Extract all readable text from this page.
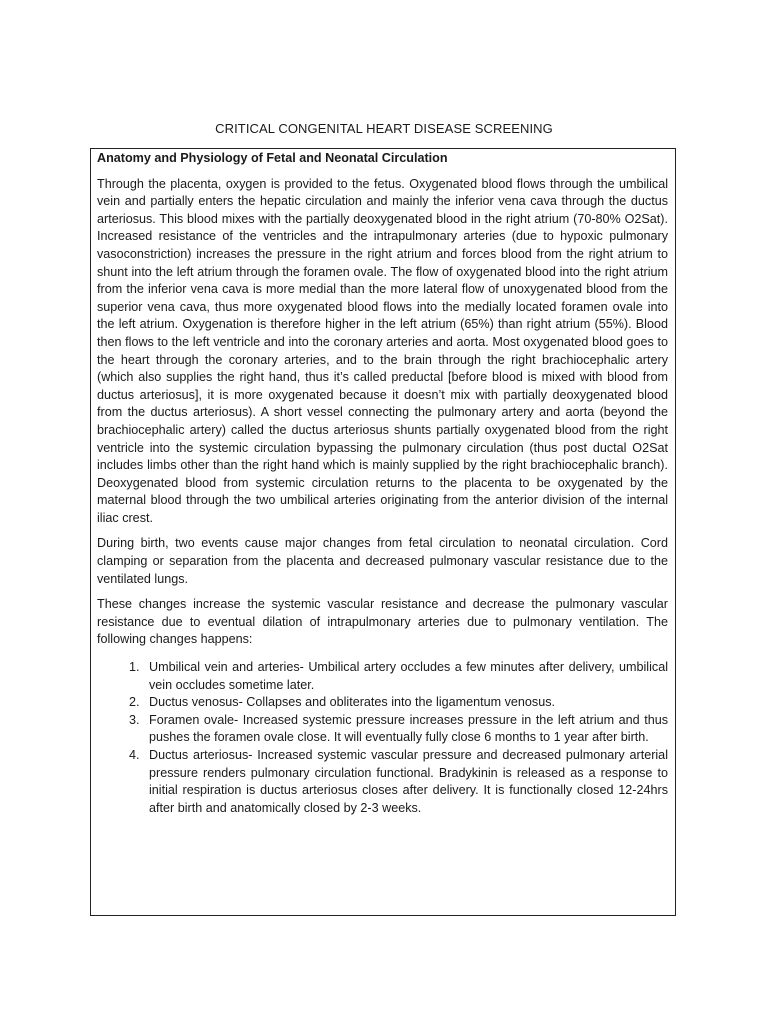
CRITICAL CONGENITAL HEART DISEASE SCREENING
Anatomy and Physiology of Fetal and Neonatal Circulation

Through the placenta, oxygen is provided to the fetus. Oxygenated blood flows through the umbilical vein and partially enters the hepatic circulation and mainly the inferior vena cava through the ductus arteriosus. This blood mixes with the partially deoxygenated blood in the right atrium (70-80% O2Sat). Increased resistance of the ventricles and the intrapulmonary arteries (due to hypoxic pulmonary vasoconstriction) increases the pressure in the right atrium and forces blood from the right atrium to shunt into the left atrium through the foramen ovale. The flow of oxygenated blood into the right atrium from the inferior vena cava is more medial than the more lateral flow of unoxygenated blood from the superior vena cava, thus more oxygenated blood flows into the medially located foramen ovale into the left atrium. Oxygenation is therefore higher in the left atrium (65%) than right atrium (55%). Blood then flows to the left ventricle and into the coronary arteries and aorta. Most oxygenated blood goes to the heart through the coronary arteries, and to the brain through the right brachiocephalic artery (which also supplies the right hand, thus it’s called preductal [before blood is mixed with blood from ductus arteriosus], it is more oxygenated because it doesn’t mix with partially deoxygenated blood from the ductus arteriosus). A short vessel connecting the pulmonary artery and aorta (beyond the brachiocephalic artery) called the ductus arteriosus shunts partially oxygenated blood from the right ventricle into the systemic circulation bypassing the pulmonary circulation (thus post ductal O2Sat includes limbs other than the right hand which is mainly supplied by the right brachiocephalic branch). Deoxygenated blood from systemic circulation returns to the placenta to be oxygenated by the maternal blood through the two umbilical arteries originating from the anterior division of the internal iliac crest.

During birth, two events cause major changes from fetal circulation to neonatal circulation. Cord clamping or separation from the placenta and decreased pulmonary vascular resistance due to the ventilated lungs.

These changes increase the systemic vascular resistance and decrease the pulmonary vascular resistance due to eventual dilation of intrapulmonary arteries due to pulmonary ventilation. The following changes happens:

1. Umbilical vein and arteries- Umbilical artery occludes a few minutes after delivery, umbilical vein occludes sometime later.
2. Ductus venosus- Collapses and obliterates into the ligamentum venosus.
3. Foramen ovale- Increased systemic pressure increases pressure in the left atrium and thus pushes the foramen ovale close. It will eventually fully close 6 months to 1 year after birth.
4. Ductus arteriosus- Increased systemic vascular pressure and decreased pulmonary arterial pressure renders pulmonary circulation functional. Bradykinin is released as a response to initial respiration is ductus arteriosus closes after delivery. It is functionally closed 12-24hrs after birth and anatomically closed by 2-3 weeks.
